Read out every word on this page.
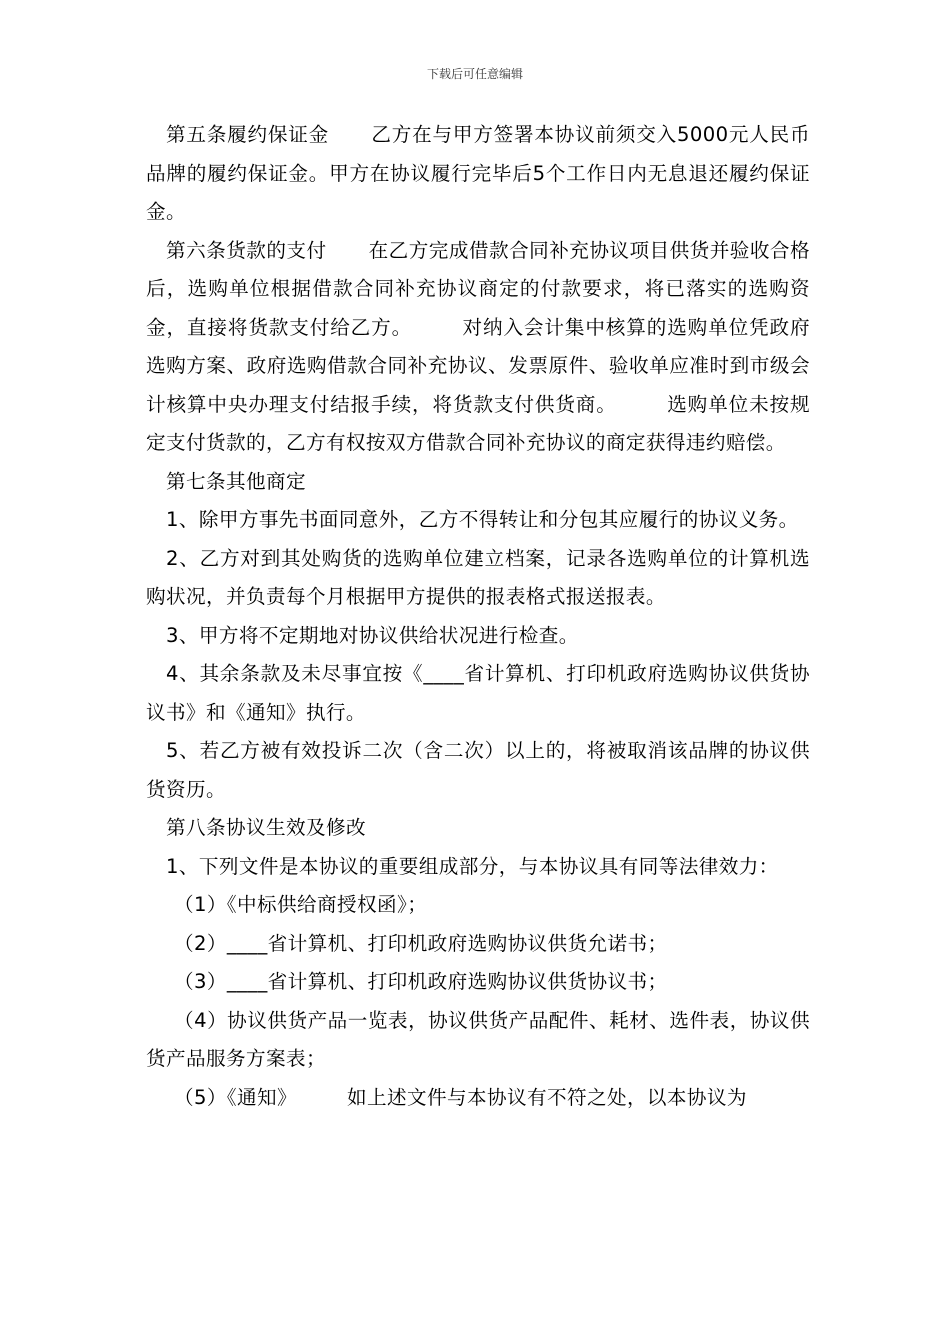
下载后可任意编辑

第五条履约保证金 乙方在与甲方签署本协议前须交入5000元人民币品牌的履约保证金。甲方在协议履行完毕后5个工作日内无息退还履约保证金。

第六条货款的支付 在乙方完成借款合同补充协议项目供货并验收合格后，选购单位根据借款合同补充协议商定的付款要求，将已落实的选购资金，直接将货款支付给乙方。	对纳入会计集中核算的选购单位凭政府选购方案、政府选购借款合同补充协议、发票原件、验收单应准时到市级会计核算中央办理支付结报手续，将货款支付供货商。	选购单位未按规定支付货款的，乙方有权按双方借款合同补充协议的商定获得违约赔偿。

第七条其他商定

1、除甲方事先书面同意外，乙方不得转让和分包其应履行的协议义务。

2、乙方对到其处购货的选购单位建立档案，记录各选购单位的计算机选购状况，并负责每个月根据甲方提供的报表格式报送报表。

3、甲方将不定期地对协议供给状况进行检查。

4、其余条款及未尽事宜按《____省计算机、打印机政府选购协议供货协议书》和《通知》执行。

5、若乙方被有效投诉二次（含二次）以上的，将被取消该品牌的协议供货资历。

第八条协议生效及修改

1、下列文件是本协议的重要组成部分，与本协议具有同等法律效力：

（1）《中标供给商授权函》；

（2）____省计算机、打印机政府选购协议供货允诺书；

（3）____省计算机、打印机政府选购协议供货协议书；

（4）协议供货产品一览表，协议供货产品配件、耗材、选件表，协议供货产品服务方案表；

（5）《通知》	如上述文件与本协议有不符之处，以本协议为
